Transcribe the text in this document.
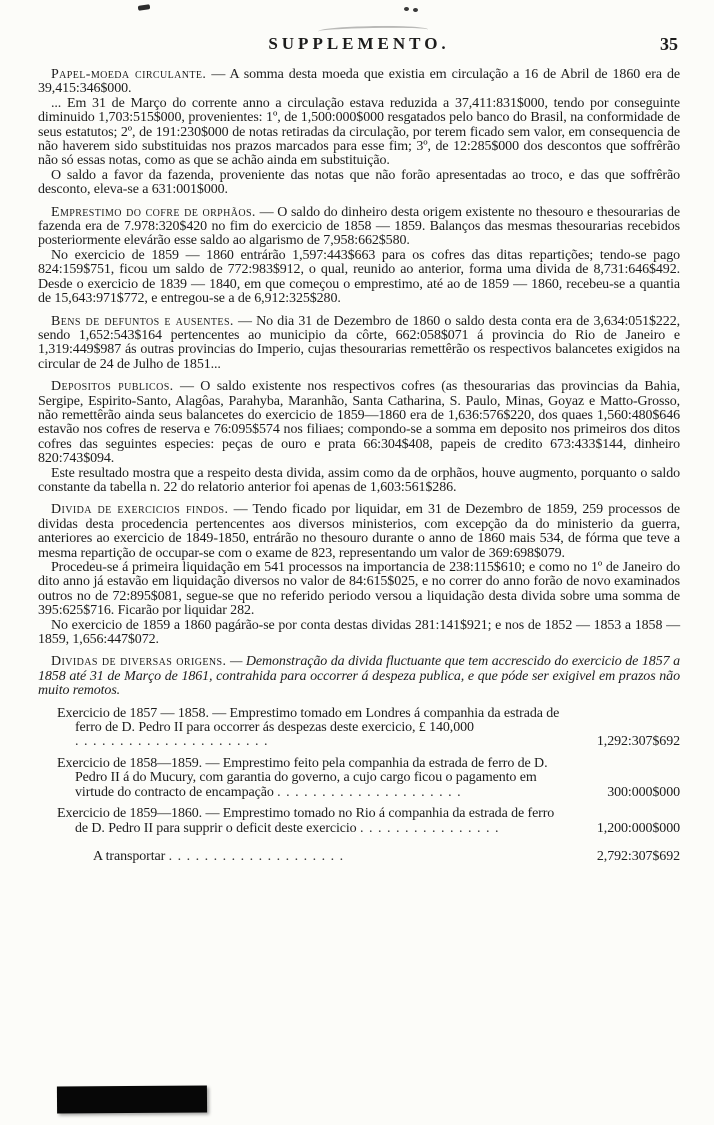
SUPPLEMENTO.	35

Papel-moeda circulante. — A somma desta moeda que existia em circulação a 16 de Abril de 1860 era de 39,415:346$000.

... Em 31 de Março do corrente anno a circulação estava reduzida a 37,411:831$000, tendo por conseguinte diminuido 1,703:515$000, provenientes: 1º, de 1,500:000$000 resgatados pelo banco do Brasil, na conformidade de seus estatutos; 2º, de 191:230$000 de notas retiradas da circulação, por terem ficado sem valor, em consequencia de não haverem sido substituidas nos prazos marcados para esse fim; 3º, de 12:285$000 dos descontos que soffrêrão não só essas notas, como as que se achão ainda em substituição.

O saldo a favor da fazenda, proveniente das notas que não forão apresentadas ao troco, e das que soffrêrão desconto, eleva-se a 631:001$000.

Emprestimo do cofre de orphãos. — O saldo do dinheiro desta origem existente no thesouro e thesourarias de fazenda era de 7.978:320$420 no fim do exercicio de 1858 — 1859. Balanços das mesmas thesourarias recebidos posteriormente elevárão esse saldo ao algarismo de 7,958:662$580.

No exercicio de 1859 — 1860 entrárão 1,597:443$663 para os cofres das ditas repartições; tendo-se pago 824:159$751, ficou um saldo de 772:983$912, o qual, reunido ao anterior, forma uma divida de 8,731:646$492. Desde o exercicio de 1839 — 1840, em que começou o emprestimo, até ao de 1859 — 1860, recebeu-se a quantia de 15,643:971$772, e entregou-se a de 6,912:325$280.

Bens de defuntos e ausentes. — No dia 31 de Dezembro de 1860 o saldo desta conta era de 3,634:051$222, sendo 1,652:543$164 pertencentes ao municipio da côrte, 662:058$071 á provincia do Rio de Janeiro e 1,319:449$987 ás outras provincias do Imperio, cujas thesourarias remettêrão os respectivos balancetes exigidos na circular de 24 de Julho de 1851...

Depositos publicos. — O saldo existente nos respectivos cofres (as thesourarias das provincias da Bahia, Sergipe, Espirito-Santo, Alagôas, Parahyba, Maranhão, Santa Catharina, S. Paulo, Minas, Goyaz e Matto-Grosso, não remettêrão ainda seus balancetes do exercicio de 1859—1860 era de 1,636:576$220, dos quaes 1,560:480$646 estavão nos cofres de reserva e 76:095$574 nos filiaes; compondo-se a somma em deposito nos primeiros dos ditos cofres das seguintes especies: peças de ouro e prata 66:304$408, papeis de credito 673:433$144, dinheiro 820:743$094.

Este resultado mostra que a respeito desta divida, assim como da de orphãos, houve augmento, porquanto o saldo constante da tabella n. 22 do relatorio anterior foi apenas de 1,603:561$286.

Divida de exercicios findos. — Tendo ficado por liquidar, em 31 de Dezembro de 1859, 259 processos de dividas desta procedencia pertencentes aos diversos ministerios, com excepção da do ministerio da guerra, anteriores ao exercicio de 1849-1850, entrárão no thesouro durante o anno de 1860 mais 534, de fórma que teve a mesma repartição de occupar-se com o exame de 823, representando um valor de 369:698$079.

Procedeu-se á primeira liquidação em 541 processos na importancia de 238:115$610; e como no 1º de Janeiro do dito anno já estavão em liquidação diversos no valor de 84:615$025, e no correr do anno forão de novo examinados outros no de 72:895$081, segue-se que no referido periodo versou a liquidação desta divida sobre uma somma de 395:625$716. Ficarão por liquidar 282.

No exercicio de 1859 a 1860 pagárão-se por conta destas dividas 281:141$921; e nos de 1852 — 1853 a 1858 — 1859, 1,656:447$072.

Dividas de diversas origens. — Demonstração da divida fluctuante que tem accrescido do exercicio de 1857 a 1858 até 31 de Março de 1861, contrahida para occorrer á despeza publica, e que póde ser exigivel em prazos não muito remotos.

Exercicio de 1857 — 1858. — Emprestimo tomado em Londres á companhia da estrada de ferro de D. Pedro II para occorrer ás despezas deste exercicio, £ 140,000 . . . . . . . . . . . . . . . . . . . . . .	1,292:307$692
Exercicio de 1858—1859. — Emprestimo feito pela companhia da estrada de ferro de D. Pedro II á do Mucury, com garantia do governo, a cujo cargo ficou o pagamento em virtude do contracto de encampação . . . . . . . . . . . . . . . . . . . . .	300:000$000
Exercicio de 1859—1860. — Emprestimo tomado no Rio á companhia da estrada de ferro de D. Pedro II para supprir o deficit deste exercicio . . . . . . . . . . . . . . . .	1,200:000$000
A transportar . . . . . . . . . . . . . . . . . . . .	2,792:307$692
